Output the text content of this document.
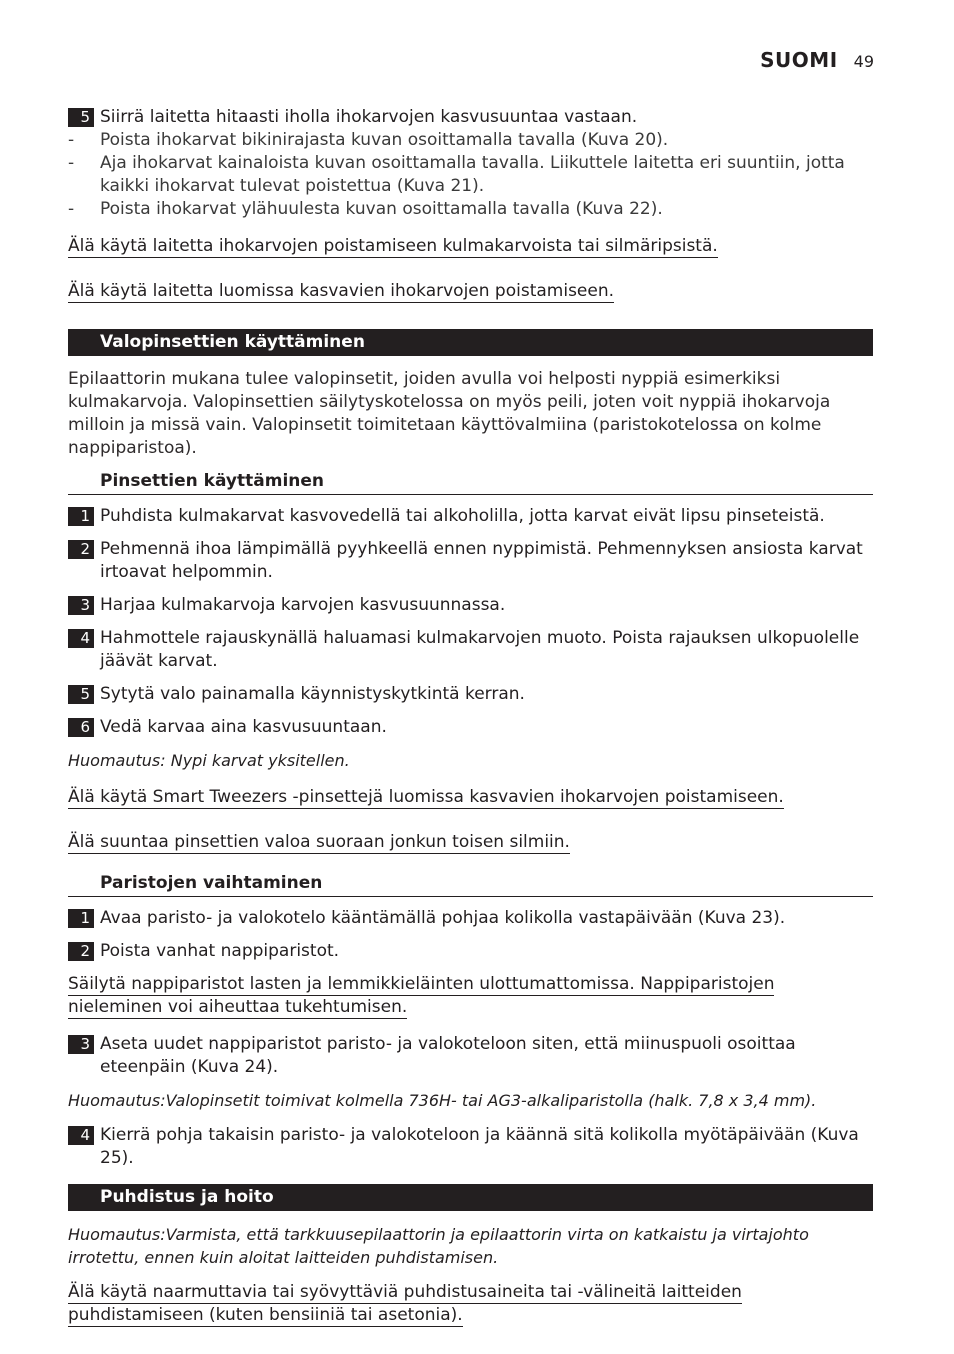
SUOMI 49
5 Siirrä laitetta hitaasti iholla ihokarvojen kasvusuuntaa vastaan.
-	Poista ihokarvat bikinirajasta kuvan osoittamalla tavalla (Kuva 20).
-	Aja ihokarvat kainaloista kuvan osoittamalla tavalla. Liikuttele laitetta eri suuntiin, jotta kaikki ihokarvat tulevat poistettua (Kuva 21).
-	Poista ihokarvat ylähuulesta kuvan osoittamalla tavalla (Kuva 22).
Älä käytä laitetta ihokarvojen poistamiseen kulmakarvoista tai silmäripsistä.
Älä käytä laitetta luomissa kasvavien ihokarvojen poistamiseen.
Valopinsettien käyttäminen
Epilaattorin mukana tulee valopinsetit, joiden avulla voi helposti nyppiä esimerkiksi kulmakarvoja. Valopinsettien säilytyskotelossa on myös peili, joten voit nyppiä ihokarvoja milloin ja missä vain. Valopinsetit toimitetaan käyttövalmiina (paristokotelossa on kolme nappiparistoa).
Pinsettien käyttäminen
1 Puhdista kulmakarvat kasvovedellä tai alkoholilla, jotta karvat eivät lipsu pinseteistä.
2 Pehmennä ihoa lämpimällä pyyhkeellä ennen nyppimistä. Pehmennyksen ansiosta karvat irtoavat helpommin.
3 Harjaa kulmakarvoja karvojen kasvusuunnassa.
4 Hahmottele rajauskynällä haluamasi kulmakarvojen muoto. Poista rajauksen ulkopuolelle jäävät karvat.
5 Sytytä valo painamalla käynnistyskytkintä kerran.
6 Vedä karvaa aina kasvusuuntaan.
Huomautus: Nypi karvat yksitellen.
Älä käytä Smart Tweezers -pinsettejä luomissa kasvavien ihokarvojen poistamiseen.
Älä suuntaa pinsettien valoa suoraan jonkun toisen silmiin.
Paristojen vaihtaminen
1 Avaa paristo- ja valokotelo kääntämällä pohjaa kolikolla vastapäivään (Kuva 23).
2 Poista vanhat nappiparistot.
Säilytä nappiparistot lasten ja lemmikkieläinten ulottumattomissa. Nappiparistojen nieleminen voi aiheuttaa tukehtumisen.
3 Aseta uudet nappiparistot paristo- ja valokoteloon siten, että miinuspuoli osoittaa eteenpäin (Kuva 24).
Huomautus:Valopinsetit toimivat kolmella 736H- tai AG3-alkaliparistolla (halk. 7,8 x 3,4 mm).
4 Kierrä pohja takaisin paristo- ja valokoteloon ja käännä sitä kolikolla myötäpäivään (Kuva 25).
Puhdistus ja hoito
Huomautus:Varmista, että tarkkuusepilaattorin ja epilaattorin virta on katkaistu ja virtajohto irrotettu, ennen kuin aloitat laitteiden puhdistamisen.
Älä käytä naarmuttavia tai syövyttäviä puhdistusaineita tai -välineitä laitteiden puhdistamiseen (kuten bensiiniä tai asetonia).
